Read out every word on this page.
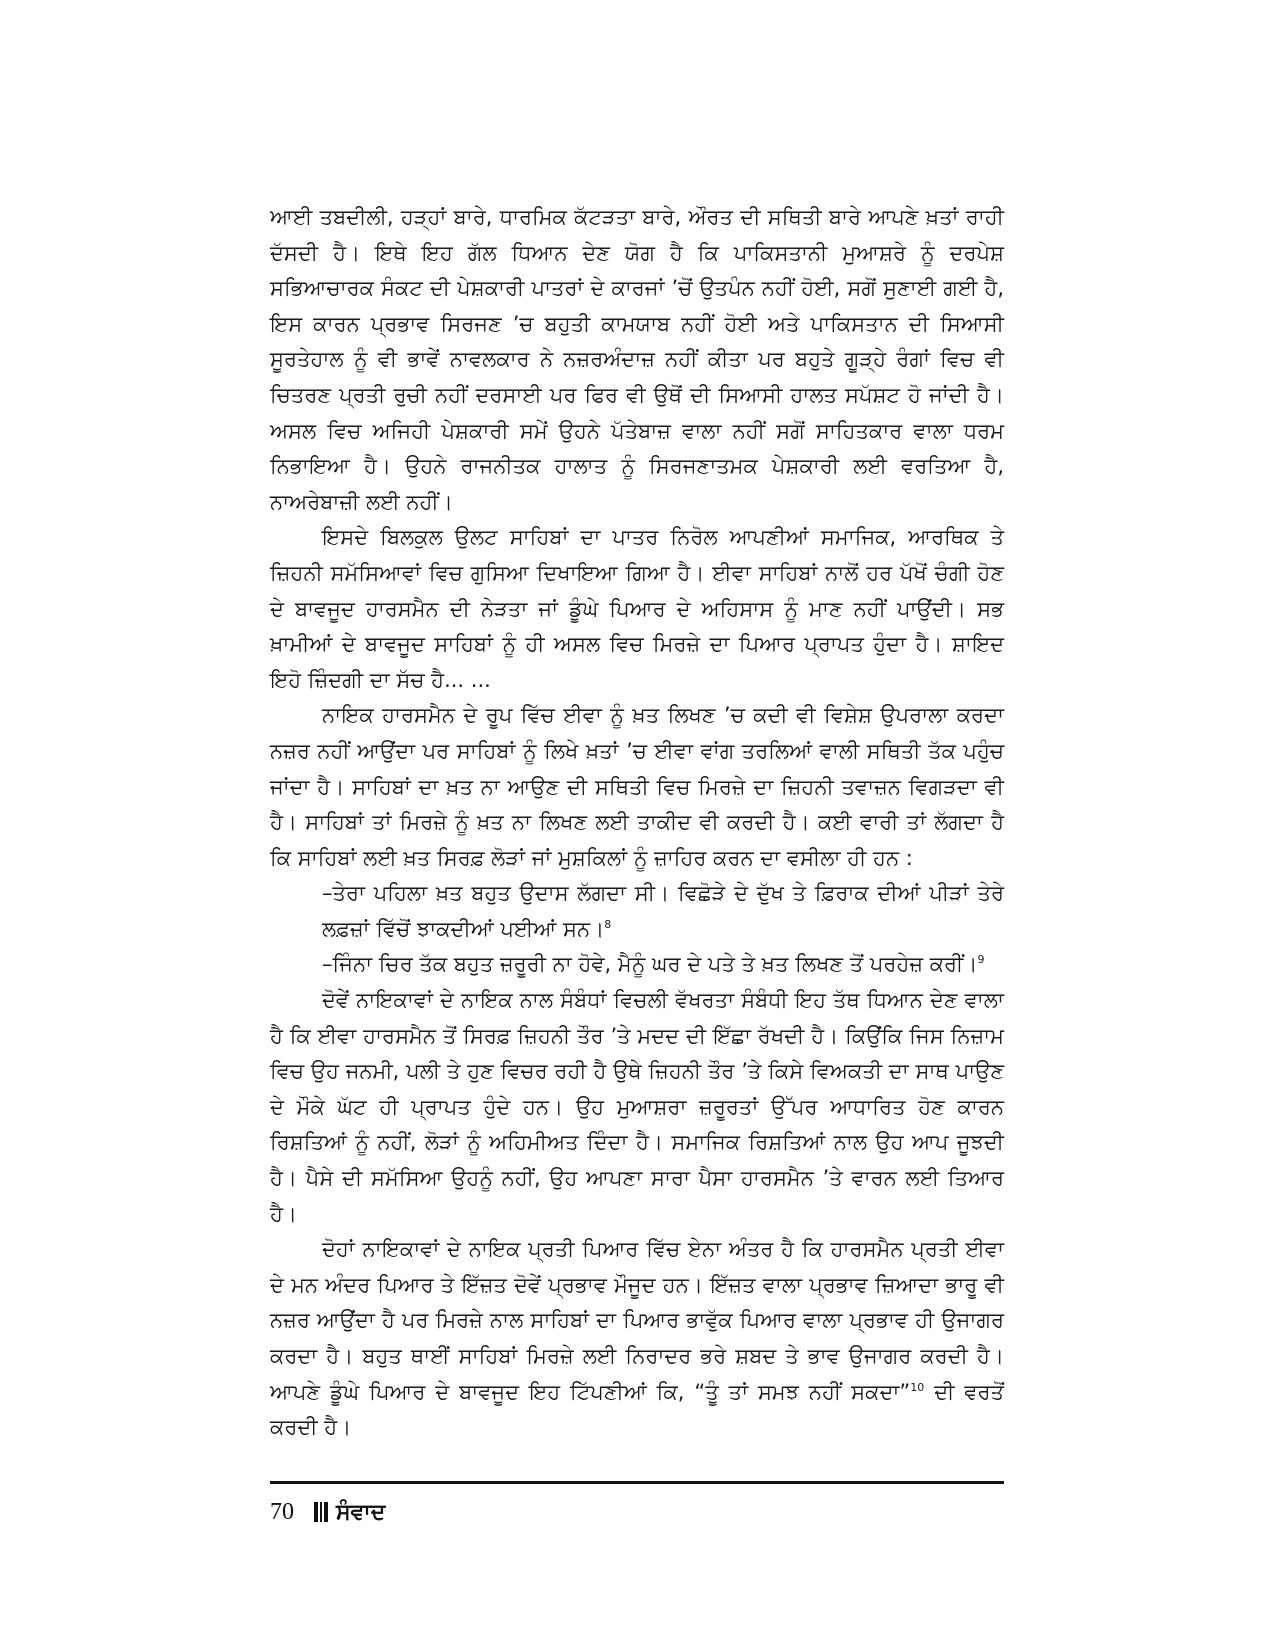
ਆਈ ਤਬਦੀਲੀ, ਹੜ੍ਹਾਂ ਬਾਰੇ, ਧਾਰਮਿਕ ਕੱਟੜਤਾ ਬਾਰੇ, ਔਰਤ ਦੀ ਸਥਿਤੀ ਬਾਰੇ ਆਪਣੇ ਖ਼ਤਾਂ ਰਾਹੀ ਦੱਸਦੀ ਹੈ। ਇਥੇ ਇਹ ਗੱਲ ਧਿਆਨ ਦੇਣ ਯੋਗ ਹੈ ਕਿ ਪਾਕਿਸਤਾਨੀ ਮੁਆਸ਼ਰੇ ਨੂੰ ਦਰਪੇਸ਼ ਸਭਿਆਚਾਰਕ ਸੰਕਟ ਦੀ ਪੇਸ਼ਕਾਰੀ ਪਾਤਰਾਂ ਦੇ ਕਾਰਜਾਂ ’ਚੋਂ ਉਤਪੰਨ ਨਹੀਂ ਹੋਈ, ਸਗੋਂ ਸੁਣਾਈ ਗਈ ਹੈ, ਇਸ ਕਾਰਨ ਪ੍ਰਭਾਵ ਸਿਰਜਣ ’ਚ ਬਹੁਤੀ ਕਾਮਯਾਬ ਨਹੀਂ ਹੋਈ ਅਤੇ ਪਾਕਿਸਤਾਨ ਦੀ ਸਿਆਸੀ ਸੂਰਤੇਹਾਲ ਨੂੰ ਵੀ ਭਾਵੇਂ ਨਾਵਲਕਾਰ ਨੇ ਨਜ਼ਰਅੰਦਾਜ਼ ਨਹੀਂ ਕੀਤਾ ਪਰ ਬਹੁਤੇ ਗੂੜ੍ਹੇ ਰੰਗਾਂ ਵਿਚ ਵੀ ਚਿਤਰਣ ਪ੍ਰਤੀ ਰੁਚੀ ਨਹੀਂ ਦਰਸਾਈ ਪਰ ਫਿਰ ਵੀ ਉਥੋਂ ਦੀ ਸਿਆਸੀ ਹਾਲਤ ਸਪੱਸ਼ਟ ਹੋ ਜਾਂਦੀ ਹੈ। ਅਸਲ ਵਿਚ ਅਜਿਹੀ ਪੇਸ਼ਕਾਰੀ ਸਮੇਂ ਉਹਨੇ ਪੱਤੇਬਾਜ਼ ਵਾਲਾ ਨਹੀਂ ਸਗੋਂ ਸਾਹਿਤਕਾਰ ਵਾਲਾ ਧਰਮ ਨਿਭਾਇਆ ਹੈ। ਉਹਨੇ ਰਾਜਨੀਤਕ ਹਾਲਾਤ ਨੂੰ ਸਿਰਜਣਾਤਮਕ ਪੇਸ਼ਕਾਰੀ ਲਈ ਵਰਤਿਆ ਹੈ, ਨਾਅਰੇਬਾਜ਼ੀ ਲਈ ਨਹੀਂ।

ਇਸਦੇ ਬਿਲਕੁਲ ਉਲਟ ਸਾਹਿਬਾਂ ਦਾ ਪਾਤਰ ਨਿਰੋਲ ਆਪਣੀਆਂ ਸਮਾਜਿਕ, ਆਰਥਿਕ ਤੇ ਜ਼ਿਹਨੀ ਸਮੱਸਿਆਵਾਂ ਵਿਚ ਗੁਸਿਆ ਦਿਖਾਇਆ ਗਿਆ ਹੈ। ਈਵਾ ਸਾਹਿਬਾਂ ਨਾਲੋਂ ਹਰ ਪੱਖੋਂ ਚੰਗੀ ਹੋਣ ਦੇ ਬਾਵਜੂਦ ਹਾਰਸਮੈਨ ਦੀ ਨੇੜਤਾ ਜਾਂ ਡੂੰਘੇ ਪਿਆਰ ਦੇ ਅਹਿਸਾਸ ਨੂੰ ਮਾਣ ਨਹੀਂ ਪਾਉਂਦੀ। ਸਭ ਖ਼ਾਮੀਆਂ ਦੇ ਬਾਵਜੂਦ ਸਾਹਿਬਾਂ ਨੂੰ ਹੀ ਅਸਲ ਵਿਚ ਮਿਰਜ਼ੇ ਦਾ ਪਿਆਰ ਪ੍ਰਾਪਤ ਹੁੰਦਾ ਹੈ। ਸ਼ਾਇਦ ਇਹੋ ਜ਼ਿੰਦਗੀ ਦਾ ਸੱਚ ਹੈ... ...

ਨਾਇਕ ਹਾਰਸਮੈਨ ਦੇ ਰੂਪ ਵਿੱਚ ਈਵਾ ਨੂੰ ਖ਼ਤ ਲਿਖਣ ’ਚ ਕਦੀ ਵੀ ਵਿਸ਼ੇਸ਼ ਉਪਰਾਲਾ ਕਰਦਾ ਨਜ਼ਰ ਨਹੀਂ ਆਉਂਦਾ ਪਰ ਸਾਹਿਬਾਂ ਨੂੰ ਲਿਖੇ ਖ਼ਤਾਂ ’ਚ ਈਵਾ ਵਾਂਗ ਤਰਲਿਆਂ ਵਾਲੀ ਸਥਿਤੀ ਤੱਕ ਪਹੁੰਚ ਜਾਂਦਾ ਹੈ। ਸਾਹਿਬਾਂ ਦਾ ਖ਼ਤ ਨਾ ਆਉਣ ਦੀ ਸਥਿਤੀ ਵਿਚ ਮਿਰਜ਼ੇ ਦਾ ਜ਼ਿਹਨੀ ਤਵਾਜ਼ਨ ਵਿਗੜਦਾ ਵੀ ਹੈ। ਸਾਹਿਬਾਂ ਤਾਂ ਮਿਰਜ਼ੇ ਨੂੰ ਖ਼ਤ ਨਾ ਲਿਖਣ ਲਈ ਤਾਕੀਦ ਵੀ ਕਰਦੀ ਹੈ। ਕਈ ਵਾਰੀ ਤਾਂ ਲੱਗਦਾ ਹੈ ਕਿ ਸਾਹਿਬਾਂ ਲਈ ਖ਼ਤ ਸਿਰਫ਼ ਲੋੜਾਂ ਜਾਂ ਮੁਸ਼ਕਿਲਾਂ ਨੂੰ ਜ਼ਾਹਿਰ ਕਰਨ ਦਾ ਵਸੀਲਾ ਹੀ ਹਨ :

–ਤੇਰਾ ਪਹਿਲਾ ਖ਼ਤ ਬਹੁਤ ਉਦਾਸ ਲੱਗਦਾ ਸੀ। ਵਿਛੋੜੇ ਦੇ ਦੁੱਖ ਤੇ ਫ਼ਿਰਾਕ ਦੀਆਂ ਪੀੜਾਂ ਤੇਰੇ ਲਫ਼ਜ਼ਾਂ ਵਿੱਚੋਂ ਝਾਕਦੀਆਂ ਪਈਆਂ ਸਨ।$^8$

–ਜਿੰਨਾ ਚਿਰ ਤੱਕ ਬਹੁਤ ਜ਼ਰੂਰੀ ਨਾ ਹੋਵੇ, ਮੈਨੂੰ ਘਰ ਦੇ ਪਤੇ ਤੇ ਖ਼ਤ ਲਿਖਣ ਤੋਂ ਪਰਹੇਜ਼ ਕਰੀਂ।$^9$

ਦੋਵੇਂ ਨਾਇਕਾਵਾਂ ਦੇ ਨਾਇਕ ਨਾਲ ਸੰਬੰਧਾਂ ਵਿਚਲੀ ਵੱਖਰਤਾ ਸੰਬੰਧੀ ਇਹ ਤੱਥ ਧਿਆਨ ਦੇਣ ਵਾਲਾ ਹੈ ਕਿ ਈਵਾ ਹਾਰਸਮੈਨ ਤੋਂ ਸਿਰਫ਼ ਜ਼ਿਹਨੀ ਤੌਰ ’ਤੇ ਮਦਦ ਦੀ ਇੱਛਾ ਰੱਖਦੀ ਹੈ। ਕਿਉਂਕਿ ਜਿਸ ਨਿਜ਼ਾਮ ਵਿਚ ਉਹ ਜਨਮੀ, ਪਲੀ ਤੇ ਹੁਣ ਵਿਚਰ ਰਹੀ ਹੈ ਉਥੇ ਜ਼ਿਹਨੀ ਤੌਰ ’ਤੇ ਕਿਸੇ ਵਿਅਕਤੀ ਦਾ ਸਾਥ ਪਾਉਣ ਦੇ ਮੌਕੇ ਘੱਟ ਹੀ ਪ੍ਰਾਪਤ ਹੁੰਦੇ ਹਨ। ਉਹ ਮੁਆਸ਼ਰਾ ਜ਼ਰੂਰਤਾਂ ਉੱਪਰ ਆਧਾਰਿਤ ਹੋਣ ਕਾਰਨ ਰਿਸ਼ਤਿਆਂ ਨੂੰ ਨਹੀਂ, ਲੋੜਾਂ ਨੂੰ ਅਹਿਮੀਅਤ ਦਿੰਦਾ ਹੈ। ਸਮਾਜਿਕ ਰਿਸ਼ਤਿਆਂ ਨਾਲ ਉਹ ਆਪ ਜੂਝਦੀ ਹੈ। ਪੈਸੇ ਦੀ ਸਮੱਸਿਆ ਉਹਨੂੰ ਨਹੀਂ, ਉਹ ਆਪਣਾ ਸਾਰਾ ਪੈਸਾ ਹਾਰਸਮੈਨ ’ਤੇ ਵਾਰਨ ਲਈ ਤਿਆਰ ਹੈ।

ਦੋਹਾਂ ਨਾਇਕਾਵਾਂ ਦੇ ਨਾਇਕ ਪ੍ਰਤੀ ਪਿਆਰ ਵਿੱਚ ਏਨਾ ਅੰਤਰ ਹੈ ਕਿ ਹਾਰਸਮੈਨ ਪ੍ਰਤੀ ਈਵਾ ਦੇ ਮਨ ਅੰਦਰ ਪਿਆਰ ਤੇ ਇੱਜ਼ਤ ਦੋਵੇਂ ਪ੍ਰਭਾਵ ਮੌਜੂਦ ਹਨ। ਇੱਜ਼ਤ ਵਾਲਾ ਪ੍ਰਭਾਵ ਜ਼ਿਆਦਾ ਭਾਰੂ ਵੀ ਨਜ਼ਰ ਆਉਂਦਾ ਹੈ ਪਰ ਮਿਰਜ਼ੇ ਨਾਲ ਸਾਹਿਬਾਂ ਦਾ ਪਿਆਰ ਭਾਵੁੱਕ ਪਿਆਰ ਵਾਲਾ ਪ੍ਰਭਾਵ ਹੀ ਉਜਾਗਰ ਕਰਦਾ ਹੈ। ਬਹੁਤ ਥਾਈਂ ਸਾਹਿਬਾਂ ਮਿਰਜ਼ੇ ਲਈ ਨਿਰਾਦਰ ਭਰੇ ਸ਼ਬਦ ਤੇ ਭਾਵ ਉਜਾਗਰ ਕਰਦੀ ਹੈ। ਆਪਣੇ ਡੂੰਘੇ ਪਿਆਰ ਦੇ ਬਾਵਜੂਦ ਇਹ ਟਿੱਪਣੀਆਂ ਕਿ, “ਤੂੰ ਤਾਂ ਸਮਝ ਨਹੀਂ ਸਕਦਾ”$^{10}$ ਦੀ ਵਰਤੋਂ ਕਰਦੀ ਹੈ।

70 ਸੰਵਾਦ
